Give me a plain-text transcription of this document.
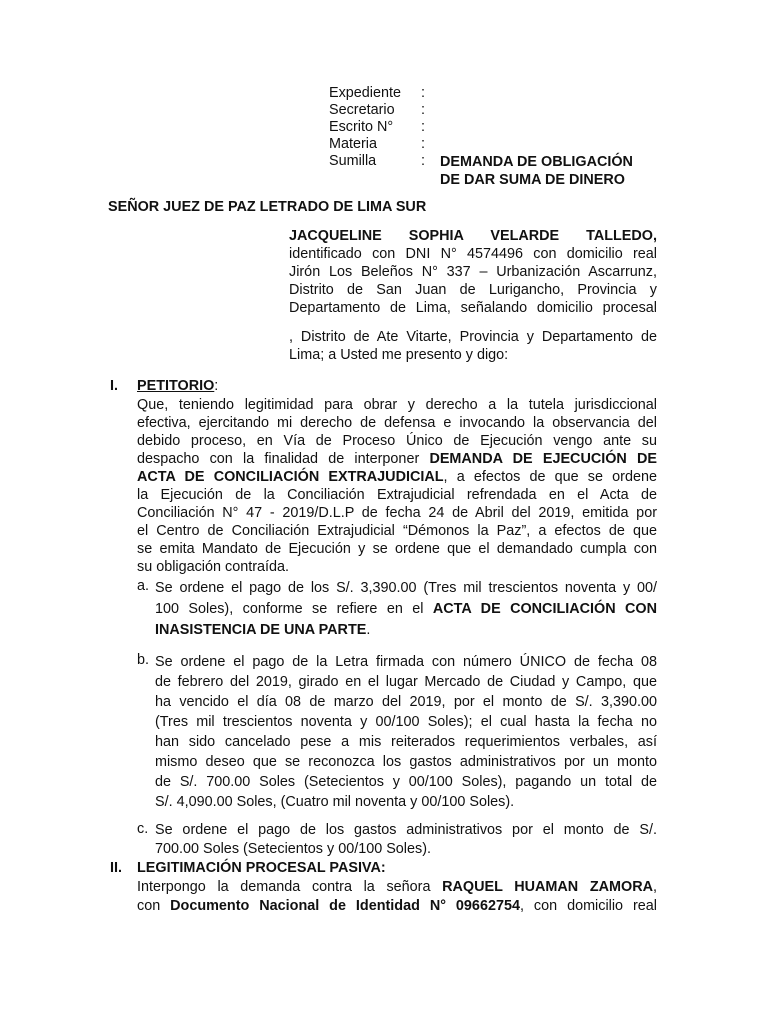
Expediente :
Secretario :
Escrito N° :
Materia	:
Sumilla	: DEMANDA DE OBLIGACIÓN
DE DAR SUMA DE DINERO
SEÑOR JUEZ DE PAZ LETRADO DE LIMA SUR
JACQUELINE SOPHIA VELARDE TALLEDO,
identificado con DNI N° 4574496 con domicilio real
Jirón Los Beleños N° 337 – Urbanización Ascarrunz,
Distrito de San Juan de Lurigancho, Provincia y
Departamento de Lima, señalando domicilio procesal
, Distrito de Ate Vitarte, Provincia y Departamento de
Lima; a Usted me presento y digo:
I. PETITORIO:
Que, teniendo legitimidad para obrar y derecho a la tutela jurisdiccional
efectiva, ejercitando mi derecho de defensa e invocando la observancia del
debido proceso, en Vía de Proceso Único de Ejecución vengo ante su
despacho con la finalidad de interponer DEMANDA DE EJECUCIÓN DE
ACTA DE CONCILIACIÓN EXTRAJUDICIAL, a efectos de que se ordene
la Ejecución de la Conciliación Extrajudicial refrendada en el Acta de
Conciliación N° 47 - 2019/D.L.P de fecha 24 de Abril del 2019, emitida por
el Centro de Conciliación Extrajudicial “Démonos la Paz”, a efectos de que
se emita Mandato de Ejecución y se ordene que el demandado cumpla con
su obligación contraída.
a. Se ordene el pago de los S/. 3,390.00 (Tres mil trescientos noventa y 00/
100 Soles), conforme se refiere en el ACTA DE CONCILIACIÓN CON
INASISTENCIA DE UNA PARTE.
b. Se ordene el pago de la Letra firmada con número ÚNICO de fecha 08
de febrero del 2019, girado en el lugar Mercado de Ciudad y Campo, que
ha vencido el día 08 de marzo del 2019, por el monto de S/. 3,390.00
(Tres mil trescientos noventa y 00/100 Soles); el cual hasta la fecha no
han sido cancelado pese a mis reiterados requerimientos verbales, así
mismo deseo que se reconozca los gastos administrativos por un monto
de S/. 700.00 Soles (Setecientos y 00/100 Soles), pagando un total de
S/. 4,090.00 Soles, (Cuatro mil noventa y 00/100 Soles).
c. Se ordene el pago de los gastos administrativos por el monto de S/.
700.00 Soles (Setecientos y 00/100 Soles).
II. LEGITIMACIÓN PROCESAL PASIVA:
Interpongo la demanda contra la señora RAQUEL HUAMAN ZAMORA,
con Documento Nacional de Identidad N° 09662754, con domicilio real
